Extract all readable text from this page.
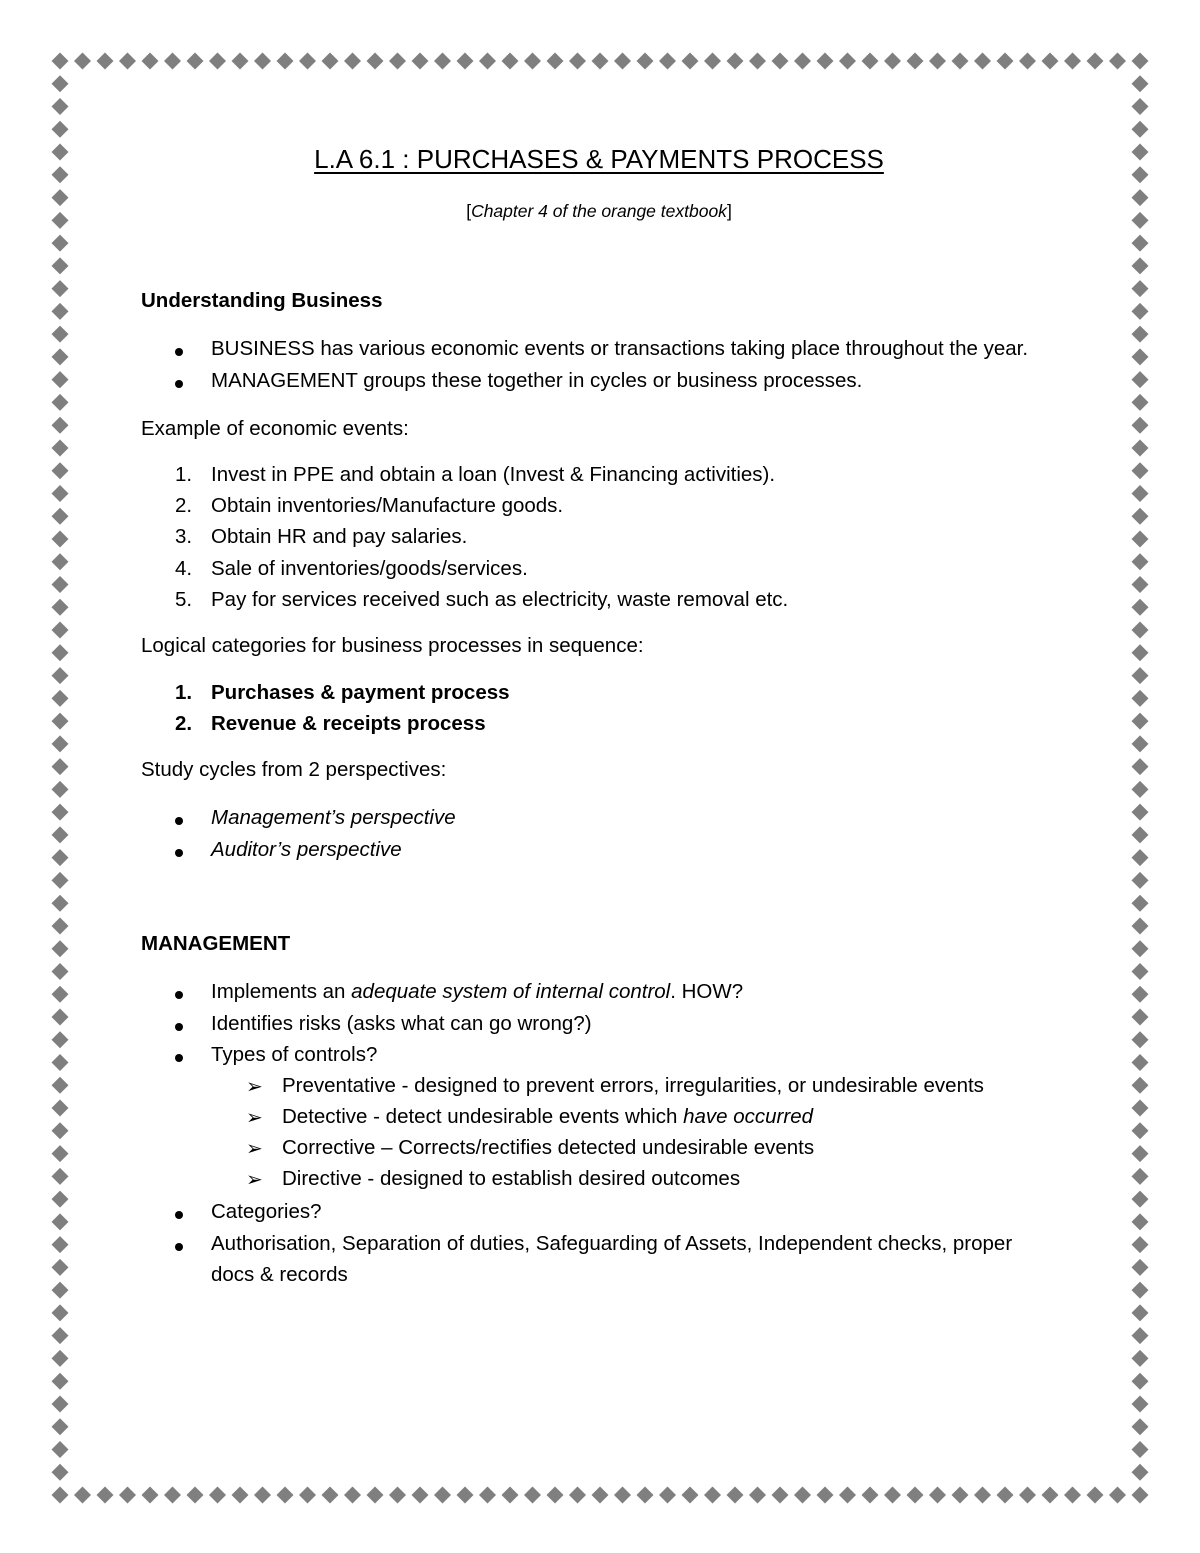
L.A 6.1 : PURCHASES & PAYMENTS PROCESS
[Chapter 4 of the orange textbook]
Understanding Business
BUSINESS has various economic events or transactions taking place throughout the year.
MANAGEMENT groups these together in cycles or business processes.
Example of economic events:
1. Invest in PPE and obtain a loan (Invest & Financing activities).
2. Obtain inventories/Manufacture goods.
3. Obtain HR and pay salaries.
4. Sale of inventories/goods/services.
5. Pay for services received such as electricity, waste removal etc.
Logical categories for business processes in sequence:
1. Purchases & payment process
2. Revenue & receipts process
Study cycles from 2 perspectives:
Management’s perspective
Auditor’s perspective
MANAGEMENT
Implements an adequate system of internal control. HOW?
Identifies risks (asks what can go wrong?)
Types of controls?
➢ Preventative - designed to prevent errors, irregularities, or undesirable events
➢ Detective - detect undesirable events which have occurred
➢ Corrective – Corrects/rectifies detected undesirable events
➢ Directive - designed to establish desired outcomes
Categories?
Authorisation, Separation of duties, Safeguarding of Assets, Independent checks, proper
docs & records
